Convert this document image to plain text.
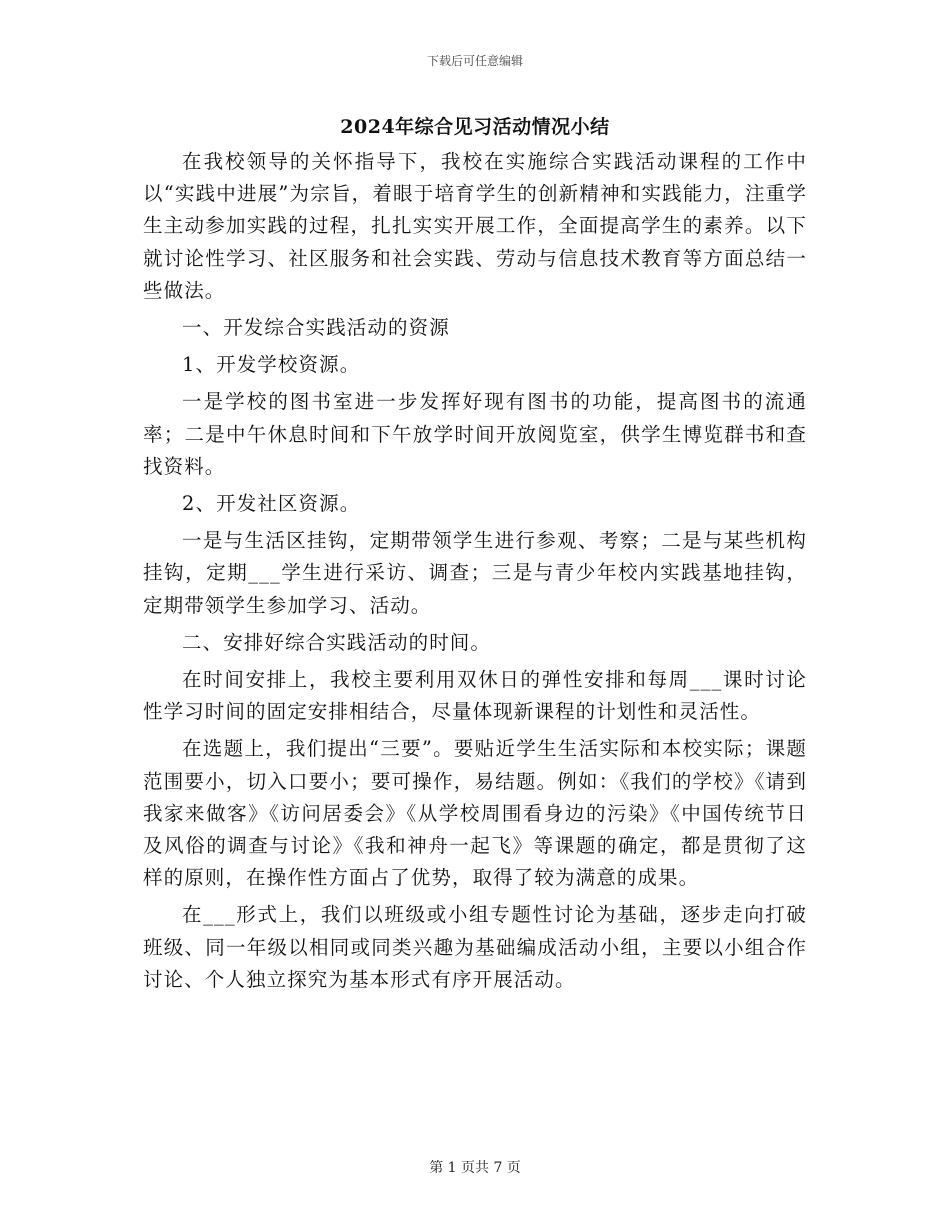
下载后可任意编辑
2024年综合见习活动情况小结

在我校领导的关怀指导下，我校在实施综合实践活动课程的工作中以“实践中进展”为宗旨，着眼于培育学生的创新精神和实践能力，注重学生主动参加实践的过程，扎扎实实开展工作，全面提高学生的素养。以下就讨论性学习、社区服务和社会实践、劳动与信息技术教育等方面总结一些做法。

一、开发综合实践活动的资源

1、开发学校资源。

一是学校的图书室进一步发挥好现有图书的功能，提高图书的流通率；二是中午休息时间和下午放学时间开放阅览室，供学生博览群书和查找资料。

2、开发社区资源。

一是与生活区挂钩，定期带领学生进行参观、考察；二是与某些机构挂钩，定期___学生进行采访、调查；三是与青少年校内实践基地挂钩，定期带领学生参加学习、活动。

二、安排好综合实践活动的时间。

在时间安排上，我校主要利用双休日的弹性安排和每周___课时讨论性学习时间的固定安排相结合，尽量体现新课程的计划性和灵活性。

在选题上，我们提出“三要”。要贴近学生生活实际和本校实际；课题范围要小，切入口要小；要可操作，易结题。例如：《我们的学校》《请到我家来做客》《访问居委会》《从学校周围看身边的污染》《中国传统节日及风俗的调查与讨论》《我和神舟一起飞》等课题的确定，都是贯彻了这样的原则，在操作性方面占了优势，取得了较为满意的成果。

在___形式上，我们以班级或小组专题性讨论为基础，逐步走向打破班级、同一年级以相同或同类兴趣为基础编成活动小组，主要以小组合作讨论、个人独立探究为基本形式有序开展活动。

第 1 页共 7 页
